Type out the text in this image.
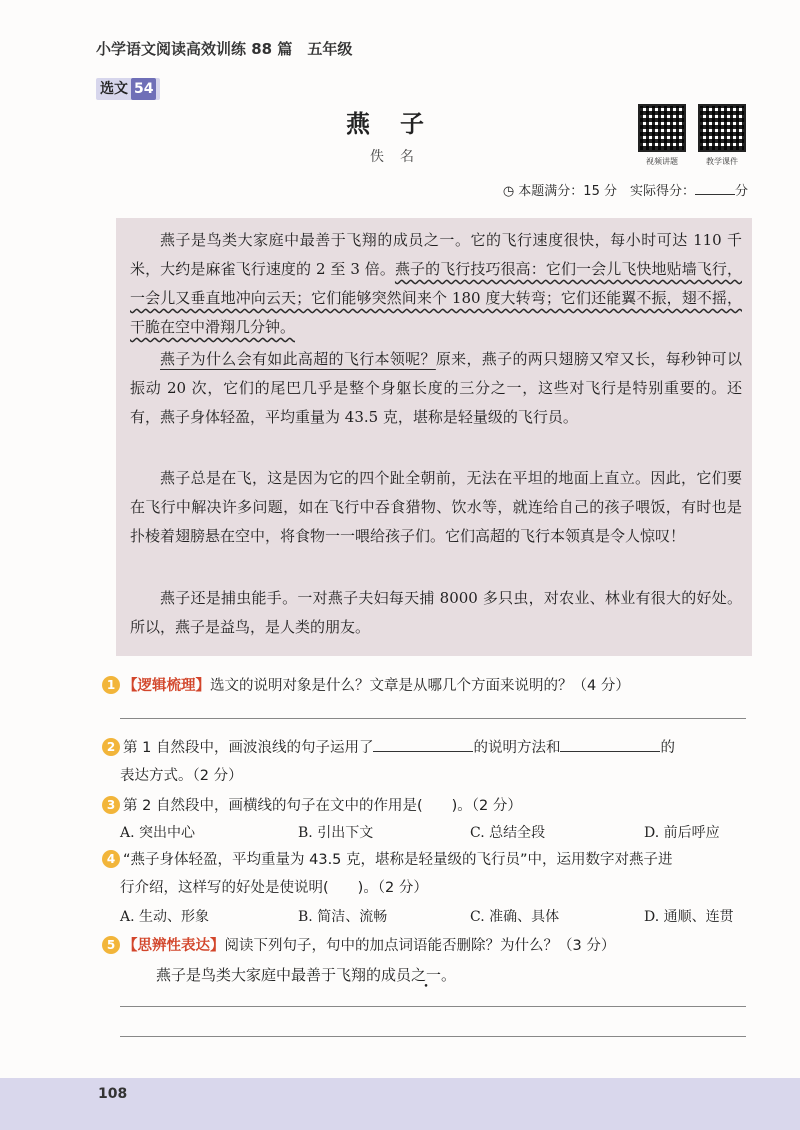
小学语文阅读高效训练 88 篇　五年级
选文 54
燕子
佚名	视频讲题	教学课件
◷ 本题满分：15 分　实际得分：	分
燕子是鸟类大家庭中最善于飞翔的成员之一。它的飞行速度很快，每小时可达 110 千米，大约是麻雀飞行速度的 2 至 3 倍。燕子的飞行技巧很高：它们一会儿飞快地贴墙飞行，一会儿又垂直地冲向云天；它们能够突然间来个 180 度大转弯；它们还能翼不振，翅不摇，干脆在空中滑翔几分钟。
燕子为什么会有如此高超的飞行本领呢？原来，燕子的两只翅膀又窄又长，每秒钟可以振动 20 次，它们的尾巴几乎是整个身躯长度的三分之一，这些对飞行是特别重要的。还有，燕子身体轻盈，平均重量为 43.5 克，堪称是轻量级的飞行员。
燕子总是在飞，这是因为它的四个趾全朝前，无法在平坦的地面上直立。因此，它们要在飞行中解决许多问题，如在飞行中吞食猎物、饮水等，就连给自己的孩子喂饭，有时也是扑棱着翅膀悬在空中，将食物一一喂给孩子们。它们高超的飞行本领真是令人惊叹！
燕子还是捕虫能手。一对燕子夫妇每天捕 8000 多只虫，对农业、林业有很大的好处。所以，燕子是益鸟，是人类的朋友。
1 【逻辑梳理】选文的说明对象是什么？文章是从哪几个方面来说明的？（4 分）
2 第 1 自然段中，画波浪线的句子运用了	的说明方法和	的
表达方式。（2 分）
3 第 2 自然段中，画横线的句子在文中的作用是(　　)。（2 分）
A. 突出中心	B. 引出下文	C. 总结全段	D. 前后呼应
4 “燕子身体轻盈，平均重量为 43.5 克，堪称是轻量级的飞行员”中，运用数字对燕子进
行介绍，这样写的好处是使说明(　　)。（2 分）
A. 生动、形象	B. 简洁、流畅	C. 准确、具体	D. 通顺、连贯
5 【思辨性表达】阅读下列句子，句中的加点词语能否删除？为什么？（3 分）
燕子是鸟类大家庭中最善于飞翔的成员之一。
108
